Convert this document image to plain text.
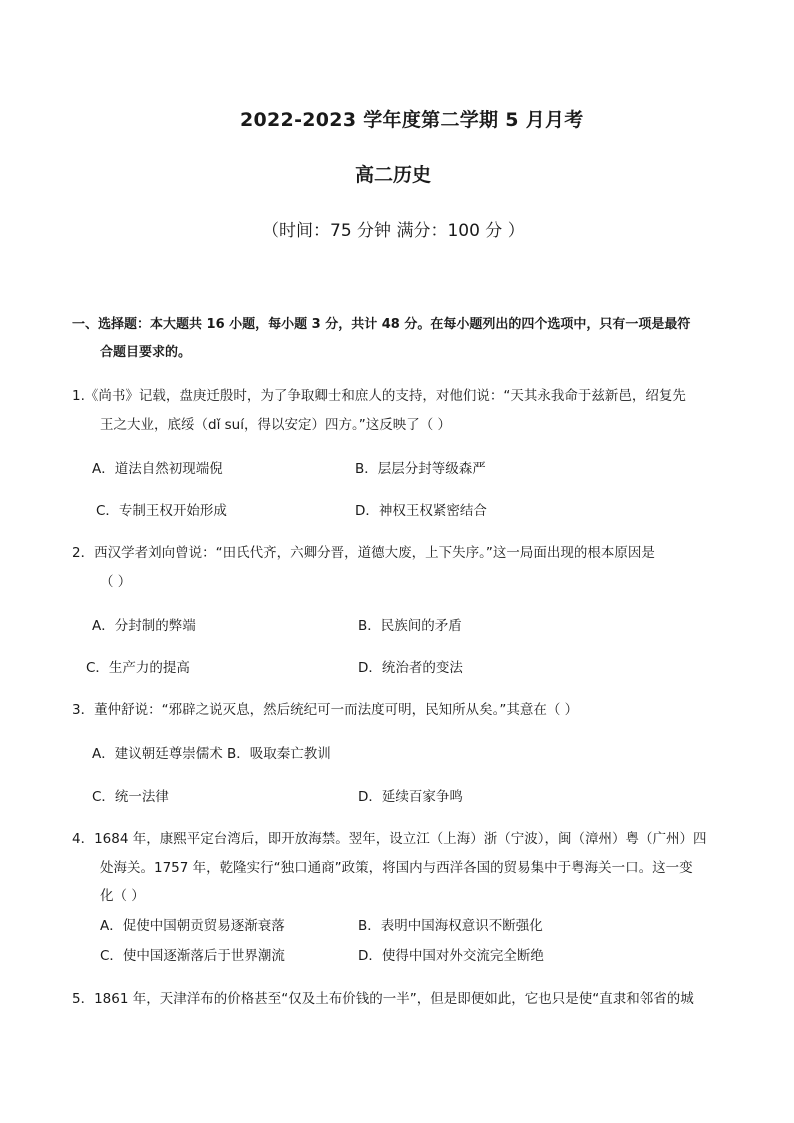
2022-2023 学年度第二学期 5 月月考
高二历史
（时间：75 分钟 满分：100 分 ）
一、选择题：本大题共 16 小题，每小题 3 分，共计 48 分。在每小题列出的四个选项中，只有一项是最符
合题目要求的。
1.《尚书》记载，盘庚迁殷时，为了争取卿士和庶人的支持，对他们说：“天其永我命于兹新邑，绍复先
王之大业，底绥（dǐ suí，得以安定）四方。”这反映了（ ）
A．道法自然初现端倪	B．层层分封等级森严
C．专制王权开始形成	D．神权王权紧密结合
2．西汉学者刘向曾说：“田氏代齐，六卿分晋，道德大废，上下失序。”这一局面出现的根本原因是
（ ）
A．分封制的弊端	B．民族间的矛盾
C．生产力的提高	D．统治者的变法
3．董仲舒说：“邪辟之说灭息，然后统纪可一而法度可明，民知所从矣。”其意在（ ）
A．建议朝廷尊崇儒术 B．吸取秦亡教训
C．统一法律	D．延续百家争鸣
4．1684 年，康熙平定台湾后，即开放海禁。翌年，设立江（上海）浙（宁波），闽（漳州）粤（广州）四
处海关。1757 年，乾隆实行“独口通商”政策，将国内与西洋各国的贸易集中于粤海关一口。这一变
化（ ）
A．促使中国朝贡贸易逐渐衰落	B．表明中国海权意识不断强化
C．使中国逐渐落后于世界潮流	D．使得中国对外交流完全断绝
5．1861 年，天津洋布的价格甚至“仅及土布价钱的一半”，但是即便如此，它也只是使“直隶和邻省的城
